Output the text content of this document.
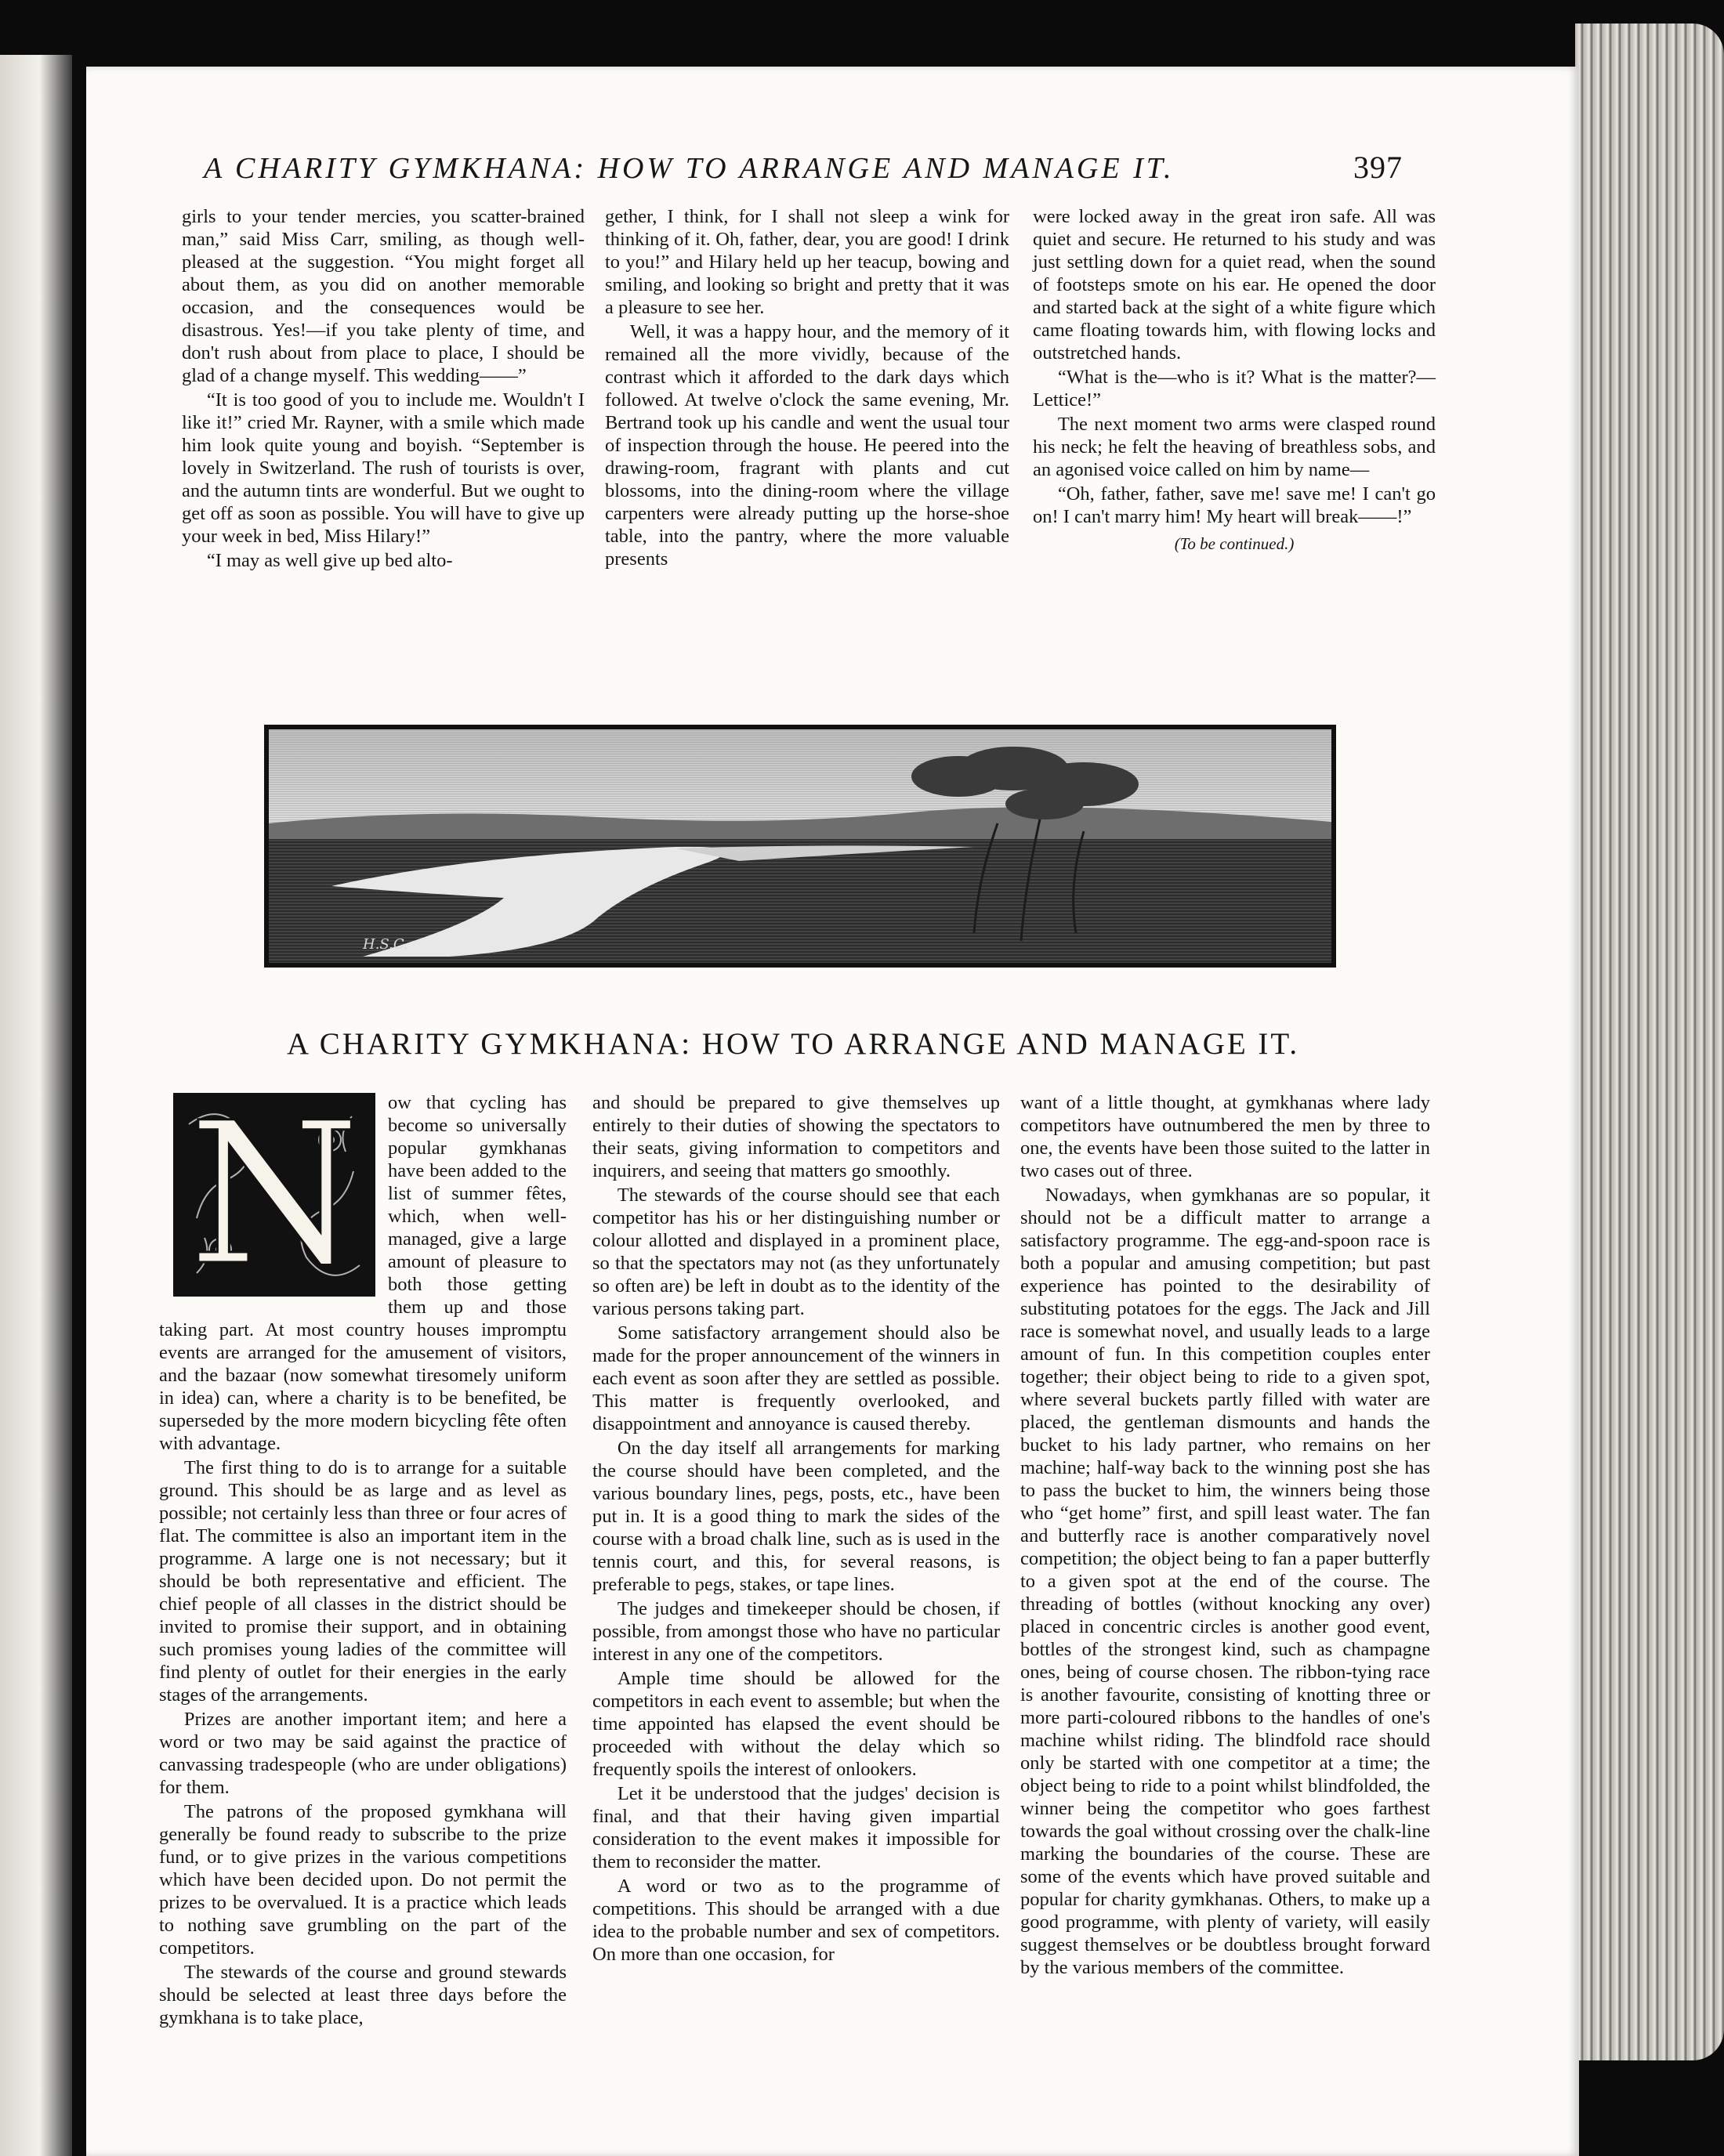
A CHARITY GYMKHANA: HOW TO ARRANGE AND MANAGE IT.	397

girls to your tender mercies, you scatter-brained man,” said Miss Carr, smiling, as though well-pleased at the suggestion. “You might forget all about them, as you did on another memorable occasion, and the consequences would be disastrous. Yes!—if you take plenty of time, and don't rush about from place to place, I should be glad of a change myself. This wedding——”

“It is too good of you to include me. Wouldn't I like it!” cried Mr. Rayner, with a smile which made him look quite young and boyish. “September is lovely in Switzerland. The rush of tourists is over, and the autumn tints are wonderful. But we ought to get off as soon as possible. You will have to give up your week in bed, Miss Hilary!”

“I may as well give up bed alto-

gether, I think, for I shall not sleep a wink for thinking of it. Oh, father, dear, you are good! I drink to you!” and Hilary held up her teacup, bowing and smiling, and looking so bright and pretty that it was a pleasure to see her.

Well, it was a happy hour, and the memory of it remained all the more vividly, because of the contrast which it afforded to the dark days which followed. At twelve o'clock the same evening, Mr. Bertrand took up his candle and went the usual tour of inspection through the house. He peered into the drawing-room, fragrant with plants and cut blossoms, into the dining-room where the village carpenters were already putting up the horse-shoe table, into the pantry, where the more valuable presents

were locked away in the great iron safe. All was quiet and secure. He returned to his study and was just settling down for a quiet read, when the sound of footsteps smote on his ear. He opened the door and started back at the sight of a white figure which came floating towards him, with flowing locks and outstretched hands.

“What is the—who is it? What is the matter?—Lettice!”

The next moment two arms were clasped round his neck; he felt the heaving of breathless sobs, and an agonised voice called on him by name—

“Oh, father, father, save me! save me! I can't go on! I can't marry him! My heart will break——!”

(To be continued.)
H.S.C.
A CHARITY GYMKHANA: HOW TO ARRANGE AND MANAGE IT.
N	ow that cycling has become so universally popular gymkhanas have been added to the list of summer fêtes, which, when well-managed, give a large amount of pleasure to both those getting them up and those taking part. At most country houses impromptu events are arranged for the amusement of visitors, and the bazaar (now somewhat tiresomely uniform in idea) can, where a charity is to be benefited, be superseded by the more modern bicycling fête often with advantage.

The first thing to do is to arrange for a suitable ground. This should be as large and as level as possible; not certainly less than three or four acres of flat. The committee is also an important item in the programme. A large one is not necessary; but it should be both representative and efficient. The chief people of all classes in the district should be invited to promise their support, and in obtaining such promises young ladies of the committee will find plenty of outlet for their energies in the early stages of the arrangements.

Prizes are another important item; and here a word or two may be said against the practice of canvassing tradespeople (who are under obligations) for them.

The patrons of the proposed gymkhana will generally be found ready to subscribe to the prize fund, or to give prizes in the various competitions which have been decided upon. Do not permit the prizes to be overvalued. It is a practice which leads to nothing save grumbling on the part of the competitors.

The stewards of the course and ground stewards should be selected at least three days before the gymkhana is to take place,

and should be prepared to give themselves up entirely to their duties of showing the spectators to their seats, giving information to competitors and inquirers, and seeing that matters go smoothly.

The stewards of the course should see that each competitor has his or her distinguishing number or colour allotted and displayed in a prominent place, so that the spectators may not (as they unfortunately so often are) be left in doubt as to the identity of the various persons taking part.

Some satisfactory arrangement should also be made for the proper announcement of the winners in each event as soon after they are settled as possible. This matter is frequently overlooked, and disappointment and annoyance is caused thereby.

On the day itself all arrangements for marking the course should have been completed, and the various boundary lines, pegs, posts, etc., have been put in. It is a good thing to mark the sides of the course with a broad chalk line, such as is used in the tennis court, and this, for several reasons, is preferable to pegs, stakes, or tape lines.

The judges and timekeeper should be chosen, if possible, from amongst those who have no particular interest in any one of the competitors.

Ample time should be allowed for the competitors in each event to assemble; but when the time appointed has elapsed the event should be proceeded with without the delay which so frequently spoils the interest of onlookers.

Let it be understood that the judges' decision is final, and that their having given impartial consideration to the event makes it impossible for them to reconsider the matter.

A word or two as to the programme of competitions. This should be arranged with a due idea to the probable number and sex of competitors. On more than one occasion, for

want of a little thought, at gymkhanas where lady competitors have outnumbered the men by three to one, the events have been those suited to the latter in two cases out of three.

Nowadays, when gymkhanas are so popular, it should not be a difficult matter to arrange a satisfactory programme. The egg-and-spoon race is both a popular and amusing competition; but past experience has pointed to the desirability of substituting potatoes for the eggs. The Jack and Jill race is somewhat novel, and usually leads to a large amount of fun. In this competition couples enter together; their object being to ride to a given spot, where several buckets partly filled with water are placed, the gentleman dismounts and hands the bucket to his lady partner, who remains on her machine; half-way back to the winning post she has to pass the bucket to him, the winners being those who “get home” first, and spill least water. The fan and butterfly race is another comparatively novel competition; the object being to fan a paper butterfly to a given spot at the end of the course. The threading of bottles (without knocking any over) placed in concentric circles is another good event, bottles of the strongest kind, such as champagne ones, being of course chosen. The ribbon-tying race is another favourite, consisting of knotting three or more parti-coloured ribbons to the handles of one's machine whilst riding. The blindfold race should only be started with one competitor at a time; the object being to ride to a point whilst blindfolded, the winner being the competitor who goes farthest towards the goal without crossing over the chalk-line marking the boundaries of the course. These are some of the events which have proved suitable and popular for charity gymkhanas. Others, to make up a good programme, with plenty of variety, will easily suggest themselves or be doubtless brought forward by the various members of the committee.
